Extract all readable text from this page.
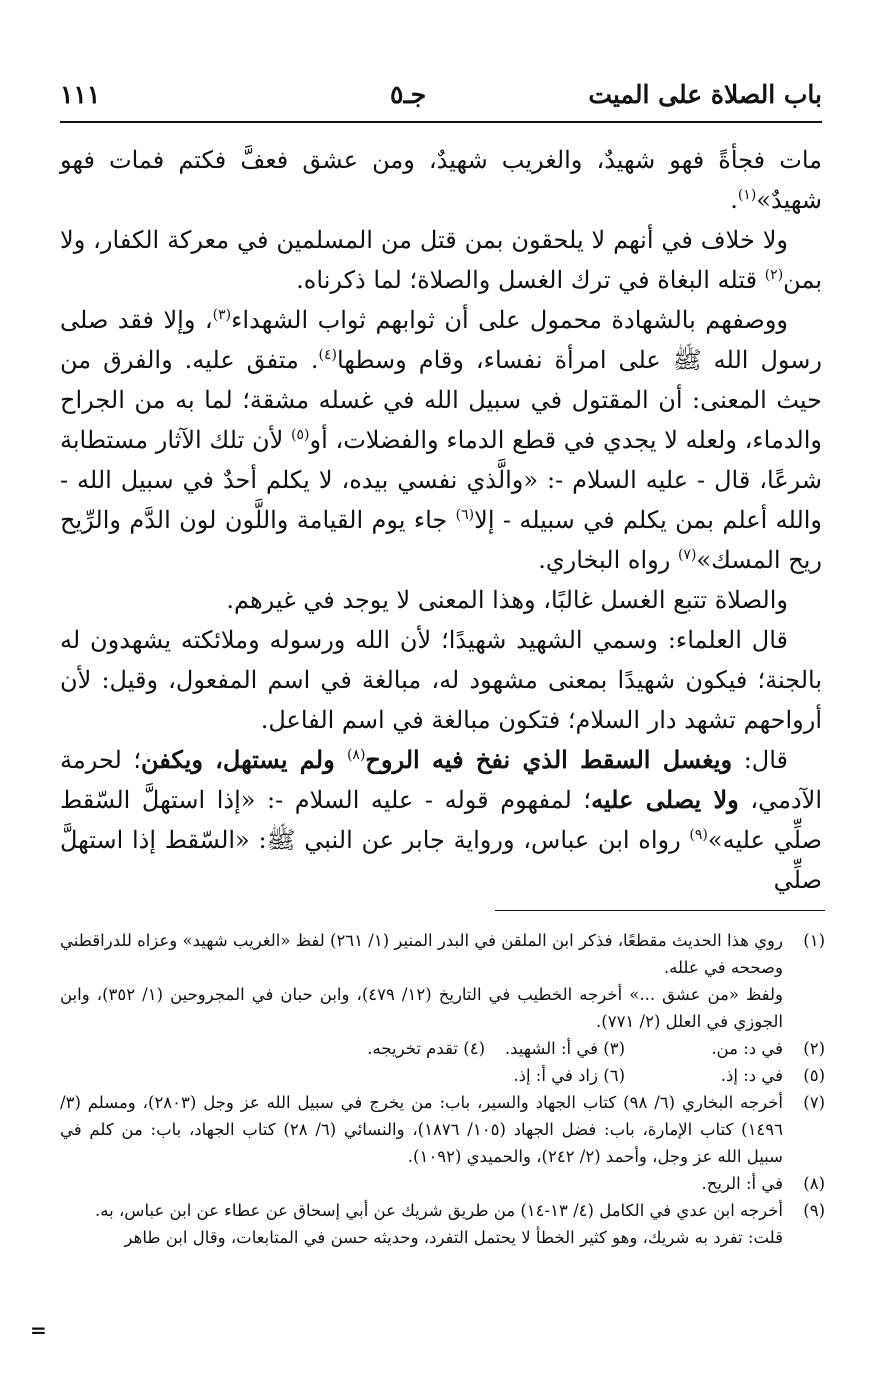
باب الصلاة على الميت
جـ٥
١١١

مات فجأةً فهو شهيدٌ، والغريب شهيدٌ، ومن عشق فعفَّ فكتم فمات فهو شهيدٌ»$^{(١)}$.

ولا خلاف في أنهم لا يلحقون بمن قتل من المسلمين في معركة الكفار، ولا بمن$^{(٢)}$ قتله البغاة في ترك الغسل والصلاة؛ لما ذكرناه.

ووصفهم بالشهادة محمول على أن ثوابهم ثواب الشهداء$^{(٣)}$، وإلا فقد صلى رسول الله ﷺ على امرأة نفساء، وقام وسطها$^{(٤)}$. متفق عليه. والفرق من حيث المعنى: أن المقتول في سبيل الله في غسله مشقة؛ لما به من الجراح والدماء، ولعله لا يجدي في قطع الدماء والفضلات، أو$^{(٥)}$ لأن تلك الآثار مستطابة شرعًا، قال - عليه السلام -: «والَّذي نفسي بيده، لا يكلم أحدٌ في سبيل الله - والله أعلم بمن يكلم في سبيله - إلا$^{(٦)}$ جاء يوم القيامة واللَّون لون الدَّم والرِّيح ريح المسك»$^{(٧)}$ رواه البخاري.

والصلاة تتبع الغسل غالبًا، وهذا المعنى لا يوجد في غيرهم.

قال العلماء: وسمي الشهيد شهيدًا؛ لأن الله ورسوله وملائكته يشهدون له بالجنة؛ فيكون شهيدًا بمعنى مشهود له، مبالغة في اسم المفعول، وقيل: لأن أرواحهم تشهد دار السلام؛ فتكون مبالغة في اسم الفاعل.

قال: ويغسل السقط الذي نفخ فيه الروح$^{(٨)}$ ولم يستهل، ويكفن؛ لحرمة الآدمي، ولا يصلى عليه؛ لمفهوم قوله - عليه السلام -: «إذا استهلَّ السّقط صلِّي عليه»$^{(٩)}$ رواه ابن عباس، ورواية جابر عن النبي ﷺ: «السّقط إذا استهلَّ صلِّي

(١)
روي هذا الحديث مقطعًا، فذكر ابن الملقن في البدر المنير (١/ ٢٦١) لفظ «الغريب شهيد» وعزاه للدراقطني وصححه في علله.
ولفظ «من عشق ...» أخرجه الخطيب في التاريخ (١٢/ ٤٧٩)، وابن حبان في المجروحين (١/ ٣٥٢)، وابن الجوزي في العلل (٢/ ٧٧١).
(٢)
في د: من.
(٣) في أ: الشهيد.
(٤) تقدم تخريجه.
(٥)
في د: إذ.
(٦) زاد في أ: إذ.
(٧)
أخرجه البخاري (٦/ ٩٨) كتاب الجهاد والسير، باب: من يخرج في سبيل الله عز وجل (٢٨٠٣)، ومسلم (٣/ ١٤٩٦) كتاب الإمارة، باب: فضل الجهاد (١٠٥/ ١٨٧٦)، والنسائي (٦/ ٢٨) كتاب الجهاد، باب: من كلم في سبيل الله عز وجل، وأحمد (٢/ ٢٤٢)، والحميدي (١٠٩٢).
(٨)
في أ: الريح.
(٩)
أخرجه ابن عدي في الكامل (٤/ ١٣-١٤) من طريق شريك عن أبي إسحاق عن عطاء عن ابن عباس، به.
قلت: تفرد به شريك، وهو كثير الخطأ لا يحتمل التفرد، وحديثه حسن في المتابعات، وقال ابن طاهر
=
